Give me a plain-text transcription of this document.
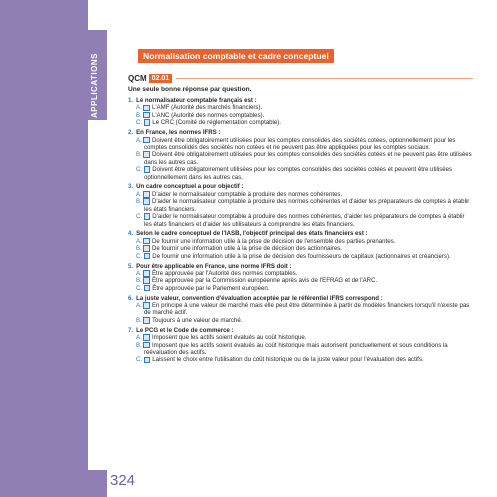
APPLICATIONS	Normalisation comptable et cadre conceptuel
QCM 02.01
Une seule bonne réponse par question.
1. Le normalisateur comptable français est :
A. L'AMF (Autorité des marchés financiers).
B. L'ANC (Autorité des normes comptables).
C. Le CRC (Comité de réglementation comptable).
2. En France, les normes IFRS :
A. Doivent être obligatoirement utilisées pour les comptes consolidés des sociétés cotées, optionnellement pour les comptes consolidés des sociétés non cotées et ne peuvent pas être appliquées pour les comptes sociaux.
B. Doivent être obligatoirement utilisées pour les comptes consolidés des sociétés cotées et ne peuvent pas être utilisées dans les autres cas.
C. Doivent être obligatoirement utilisées pour les comptes consolidés des sociétés cotées et peuvent être utilisées optionnellement dans les autres cas.
3. Un cadre conceptuel a pour objectif :
A. D'aider le normalisateur comptable à produire des normes cohérentes.
B. D'aider le normalisateur comptable à produire des normes cohérentes et d'aider les préparateurs de comptes à établir les états financiers.
C. D'aider le normalisateur comptable à produire des normes cohérentes, d'aider les préparateurs de comptes à établir les états financiers et d'aider les utilisateurs à comprendre les états financiers.
4. Selon le cadre conceptuel de l'IASB, l'objectif principal des états financiers est :
A. De fournir une information utile à la prise de décision de l'ensemble des parties prenantes.
B. De fournir une information utile à la prise de décision des actionnaires.
C. De fournir une information utile à la prise de décision des fournisseurs de capitaux (actionnaires et créanciers).
5. Pour être applicable en France, une norme IFRS doit :
A. Être approuvée par l'Autorité des normes comptables.
B. Être approuvée par la Commission européenne après avis de l'EFRAG et de l'ARC.
C. Être approuvée par le Parlement européen.
6. La juste valeur, convention d'évaluation acceptée par le référentiel IFRS correspond :
A. En principe à une valeur de marché mais elle peut être déterminée à partir de modèles financiers lorsqu'il n'existe pas de marché actif.
B. Toujours à une valeur de marché.
7. Le PCG et le Code de commerce :
A. Imposent que les actifs soient évalués au coût historique.
B. Imposent que les actifs soient évalués au coût historique mais autorisent ponctuellement et sous conditions la réévaluation des actifs.
C. Laissent le choix entre l'utilisation du coût historique ou de la juste valeur pour l'évaluation des actifs.
324
